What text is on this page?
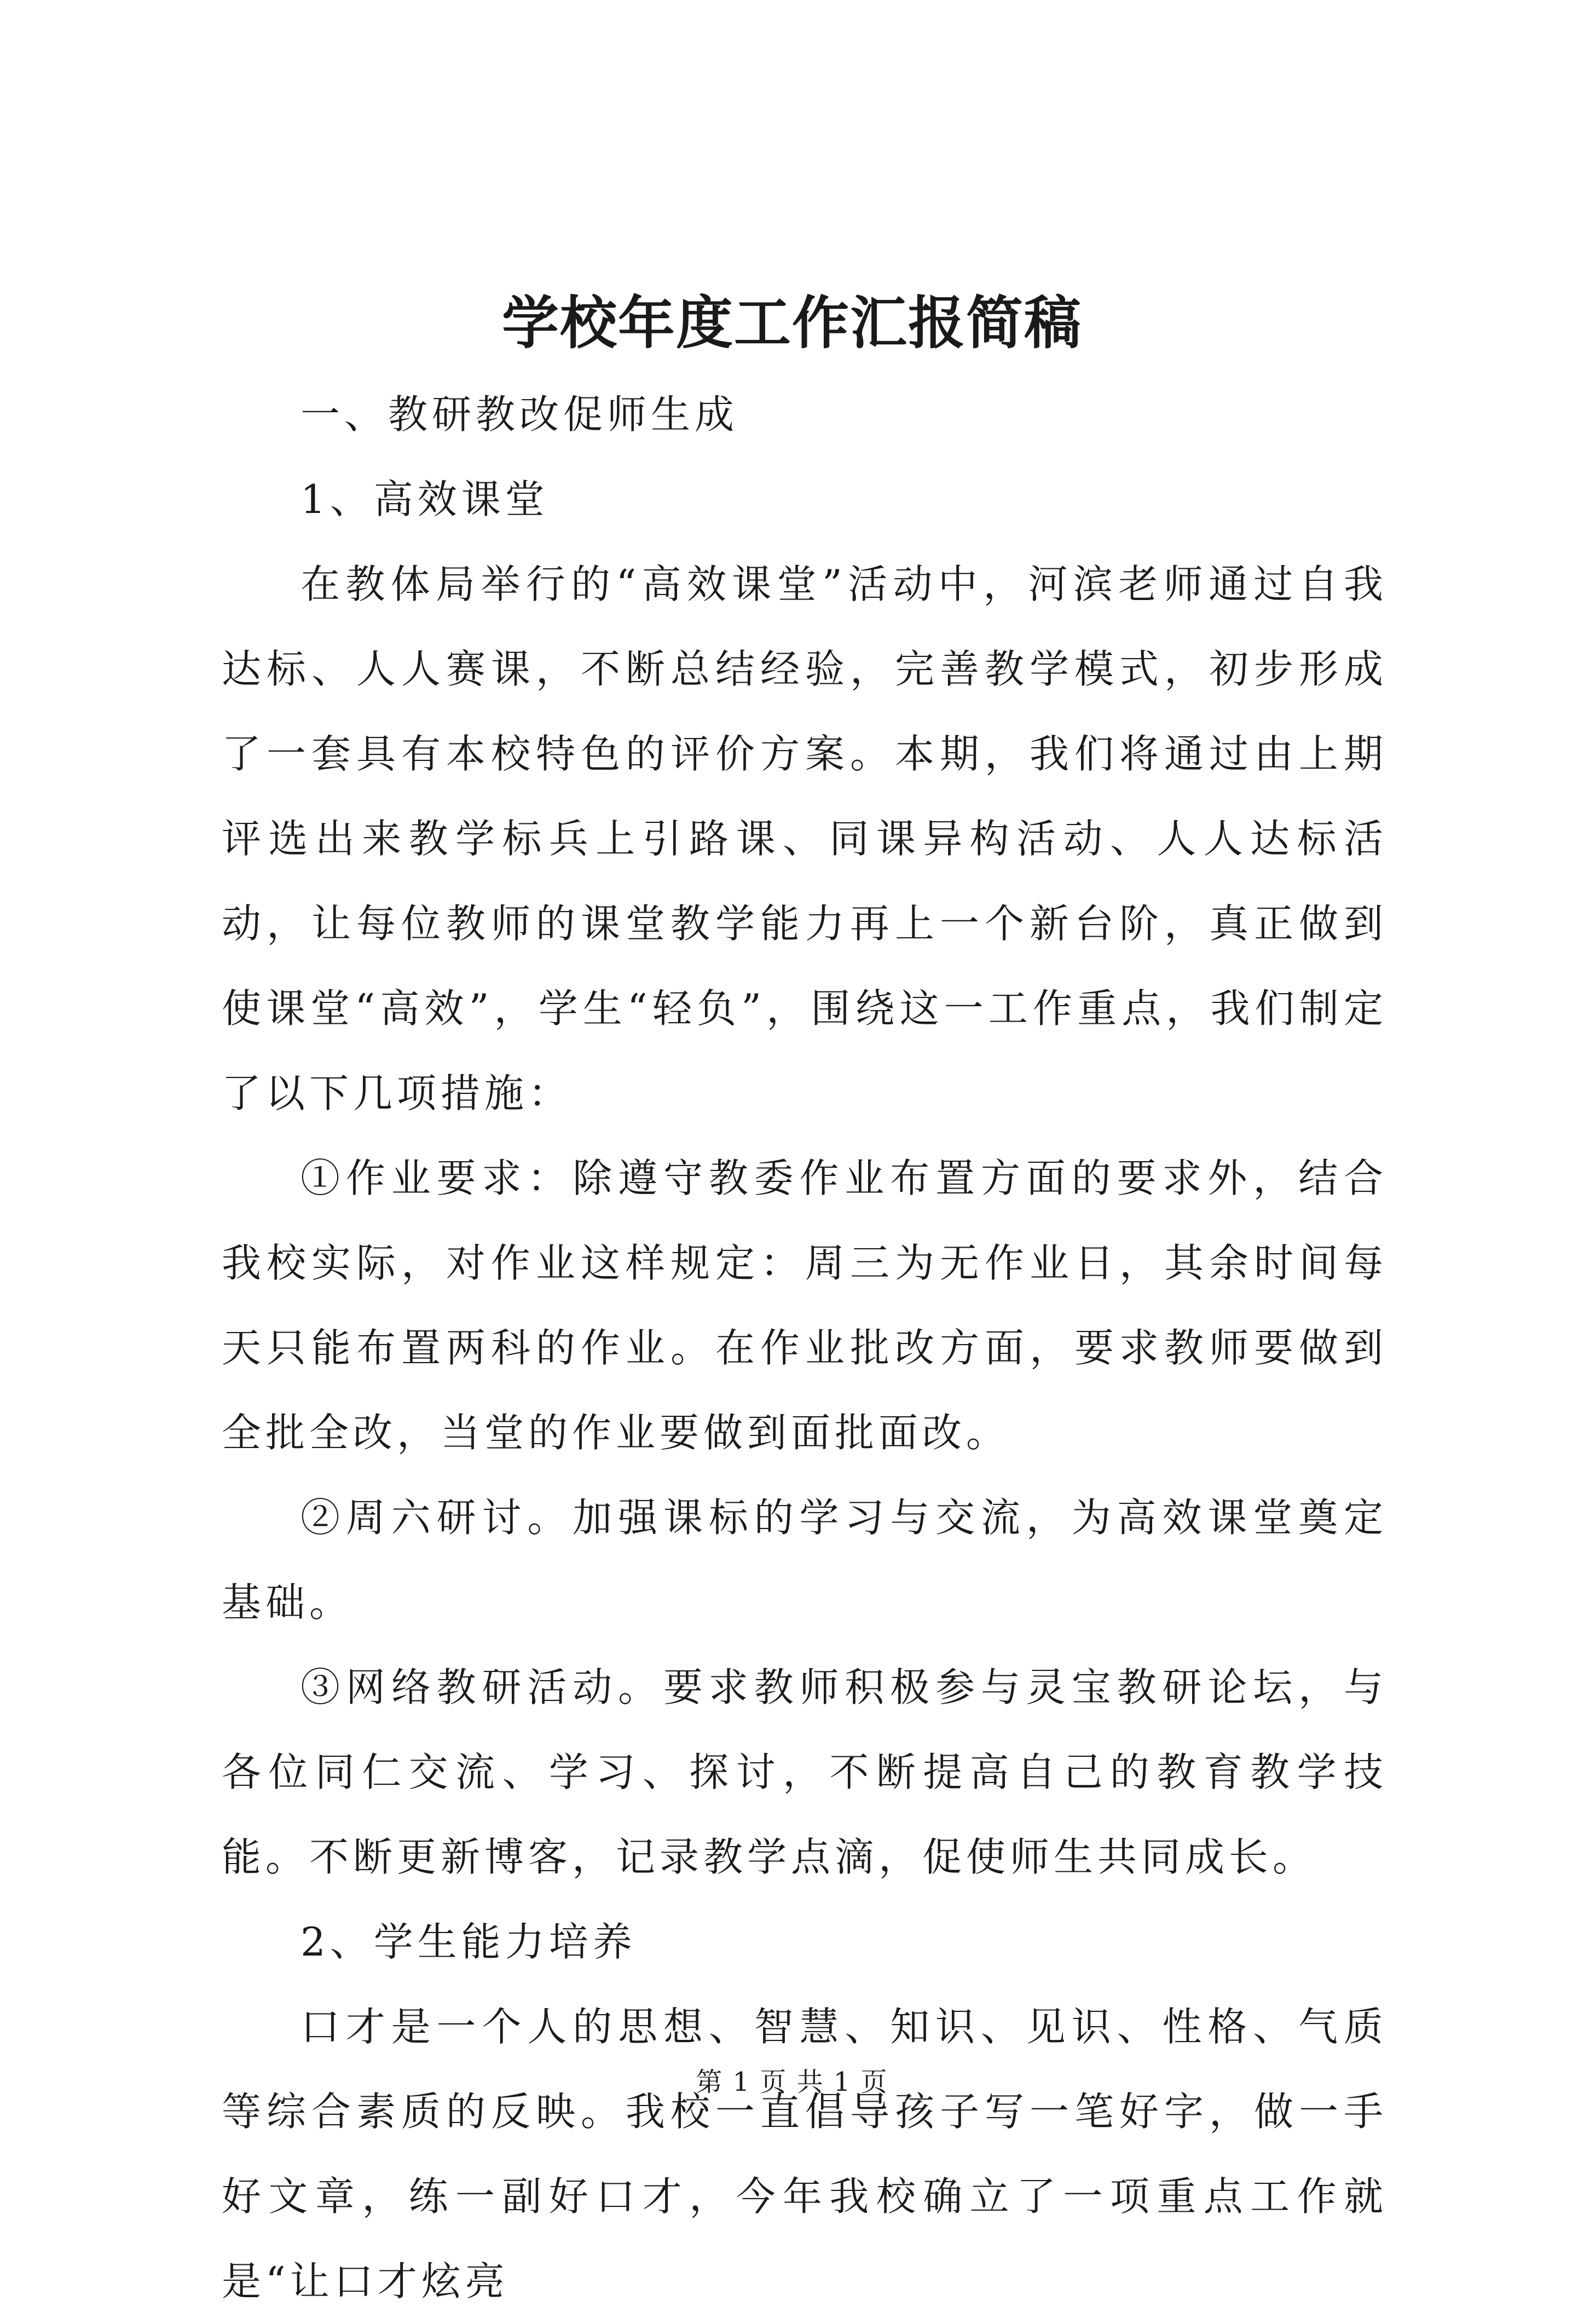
学校年度工作汇报简稿

一、教研教改促师生成

1、高效课堂

在教体局举行的“高效课堂”活动中，河滨老师通过自我达标、人人赛课，不断总结经验，完善教学模式，初步形成了一套具有本校特色的评价方案。本期，我们将通过由上期评选出来教学标兵上引路课、同课异构活动、人人达标活动，让每位教师的课堂教学能力再上一个新台阶，真正做到使课堂“高效”，学生“轻负”，围绕这一工作重点，我们制定了以下几项措施：

①作业要求：除遵守教委作业布置方面的要求外，结合我校实际，对作业这样规定：周三为无作业日，其余时间每天只能布置两科的作业。在作业批改方面，要求教师要做到全批全改，当堂的作业要做到面批面改。

②周六研讨。加强课标的学习与交流，为高效课堂奠定基础。

③网络教研活动。要求教师积极参与灵宝教研论坛，与各位同仁交流、学习、探讨，不断提高自己的教育教学技能。不断更新博客，记录教学点滴，促使师生共同成长。

2、学生能力培养

口才是一个人的思想、智慧、知识、见识、性格、气质等综合素质的反映。我校一直倡导孩子写一笔好字，做一手好文章，练一副好口才，今年我校确立了一项重点工作就是“让口才炫亮

第 1 页 共 1 页
